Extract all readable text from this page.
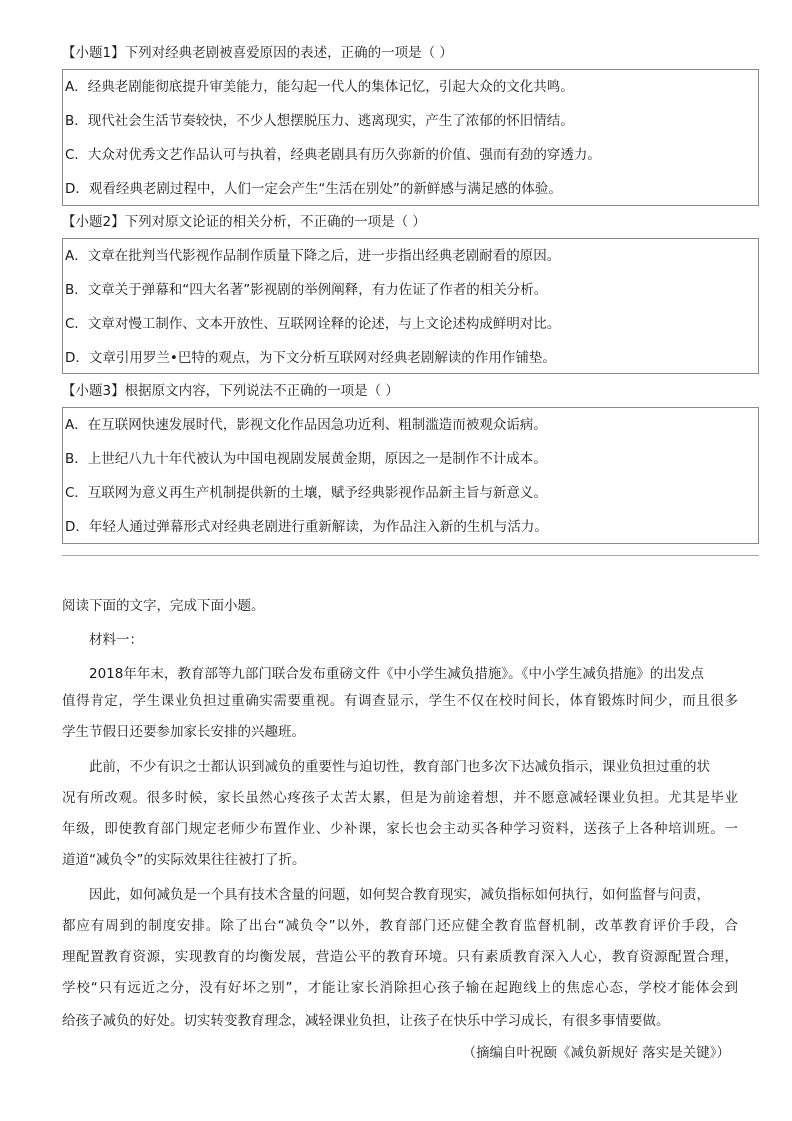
【小题1】下列对经典老剧被喜爱原因的表述，正确的一项是（ ）
A．经典老剧能彻底提升审美能力，能勾起一代人的集体记忆，引起大众的文化共鸣。
B．现代社会生活节奏较快，不少人想摆脱压力、逃离现实，产生了浓郁的怀旧情结。
C．大众对优秀文艺作品认可与执着，经典老剧具有历久弥新的价值、强而有劲的穿透力。
D．观看经典老剧过程中，人们一定会产生“生活在别处”的新鲜感与满足感的体验。
【小题2】下列对原文论证的相关分析，不正确的一项是（ ）
A．文章在批判当代影视作品制作质量下降之后，进一步指出经典老剧耐看的原因。
B．文章关于弹幕和“四大名著”影视剧的举例阐释，有力佐证了作者的相关分析。
C．文章对慢工制作、文本开放性、互联网诠释的论述，与上文论述构成鲜明对比。
D．文章引用罗兰•巴特的观点，为下文分析互联网对经典老剧解读的作用作铺垫。
【小题3】根据原文内容，下列说法不正确的一项是（ ）
A．在互联网快速发展时代，影视文化作品因急功近利、粗制滥造而被观众诟病。
B．上世纪八九十年代被认为中国电视剧发展黄金期，原因之一是制作不计成本。
C．互联网为意义再生产机制提供新的土壤，赋予经典影视作品新主旨与新意义。
D．年轻人通过弹幕形式对经典老剧进行重新解读，为作品注入新的生机与活力。
阅读下面的文字，完成下面小题。
材料一：
2018年年末，教育部等九部门联合发布重磅文件《中小学生减负措施》。《中小学生减负措施》的出发点
值得肯定，学生课业负担过重确实需要重视。有调查显示，学生不仅在校时间长，体育锻炼时间少，而且很多
学生节假日还要参加家长安排的兴趣班。
此前，不少有识之士都认识到减负的重要性与迫切性，教育部门也多次下达减负指示，课业负担过重的状
况有所改观。很多时候，家长虽然心疼孩子太苦太累，但是为前途着想，并不愿意减轻课业负担。尤其是毕业
年级，即使教育部门规定老师少布置作业、少补课，家长也会主动买各种学习资料，送孩子上各种培训班。一
道道“减负令”的实际效果往往被打了折。
因此，如何减负是一个具有技术含量的问题，如何契合教育现实，减负指标如何执行，如何监督与问责，
都应有周到的制度安排。除了出台“减负令”以外，教育部门还应健全教育监督机制，改革教育评价手段，合
理配置教育资源，实现教育的均衡发展，营造公平的教育环境。只有素质教育深入人心，教育资源配置合理，
学校“只有远近之分，没有好坏之别”，才能让家长消除担心孩子输在起跑线上的焦虑心态，学校才能体会到
给孩子减负的好处。切实转变教育理念，减轻课业负担，让孩子在快乐中学习成长，有很多事情要做。
（摘编自叶祝颐《减负新规好 落实是关键》）
